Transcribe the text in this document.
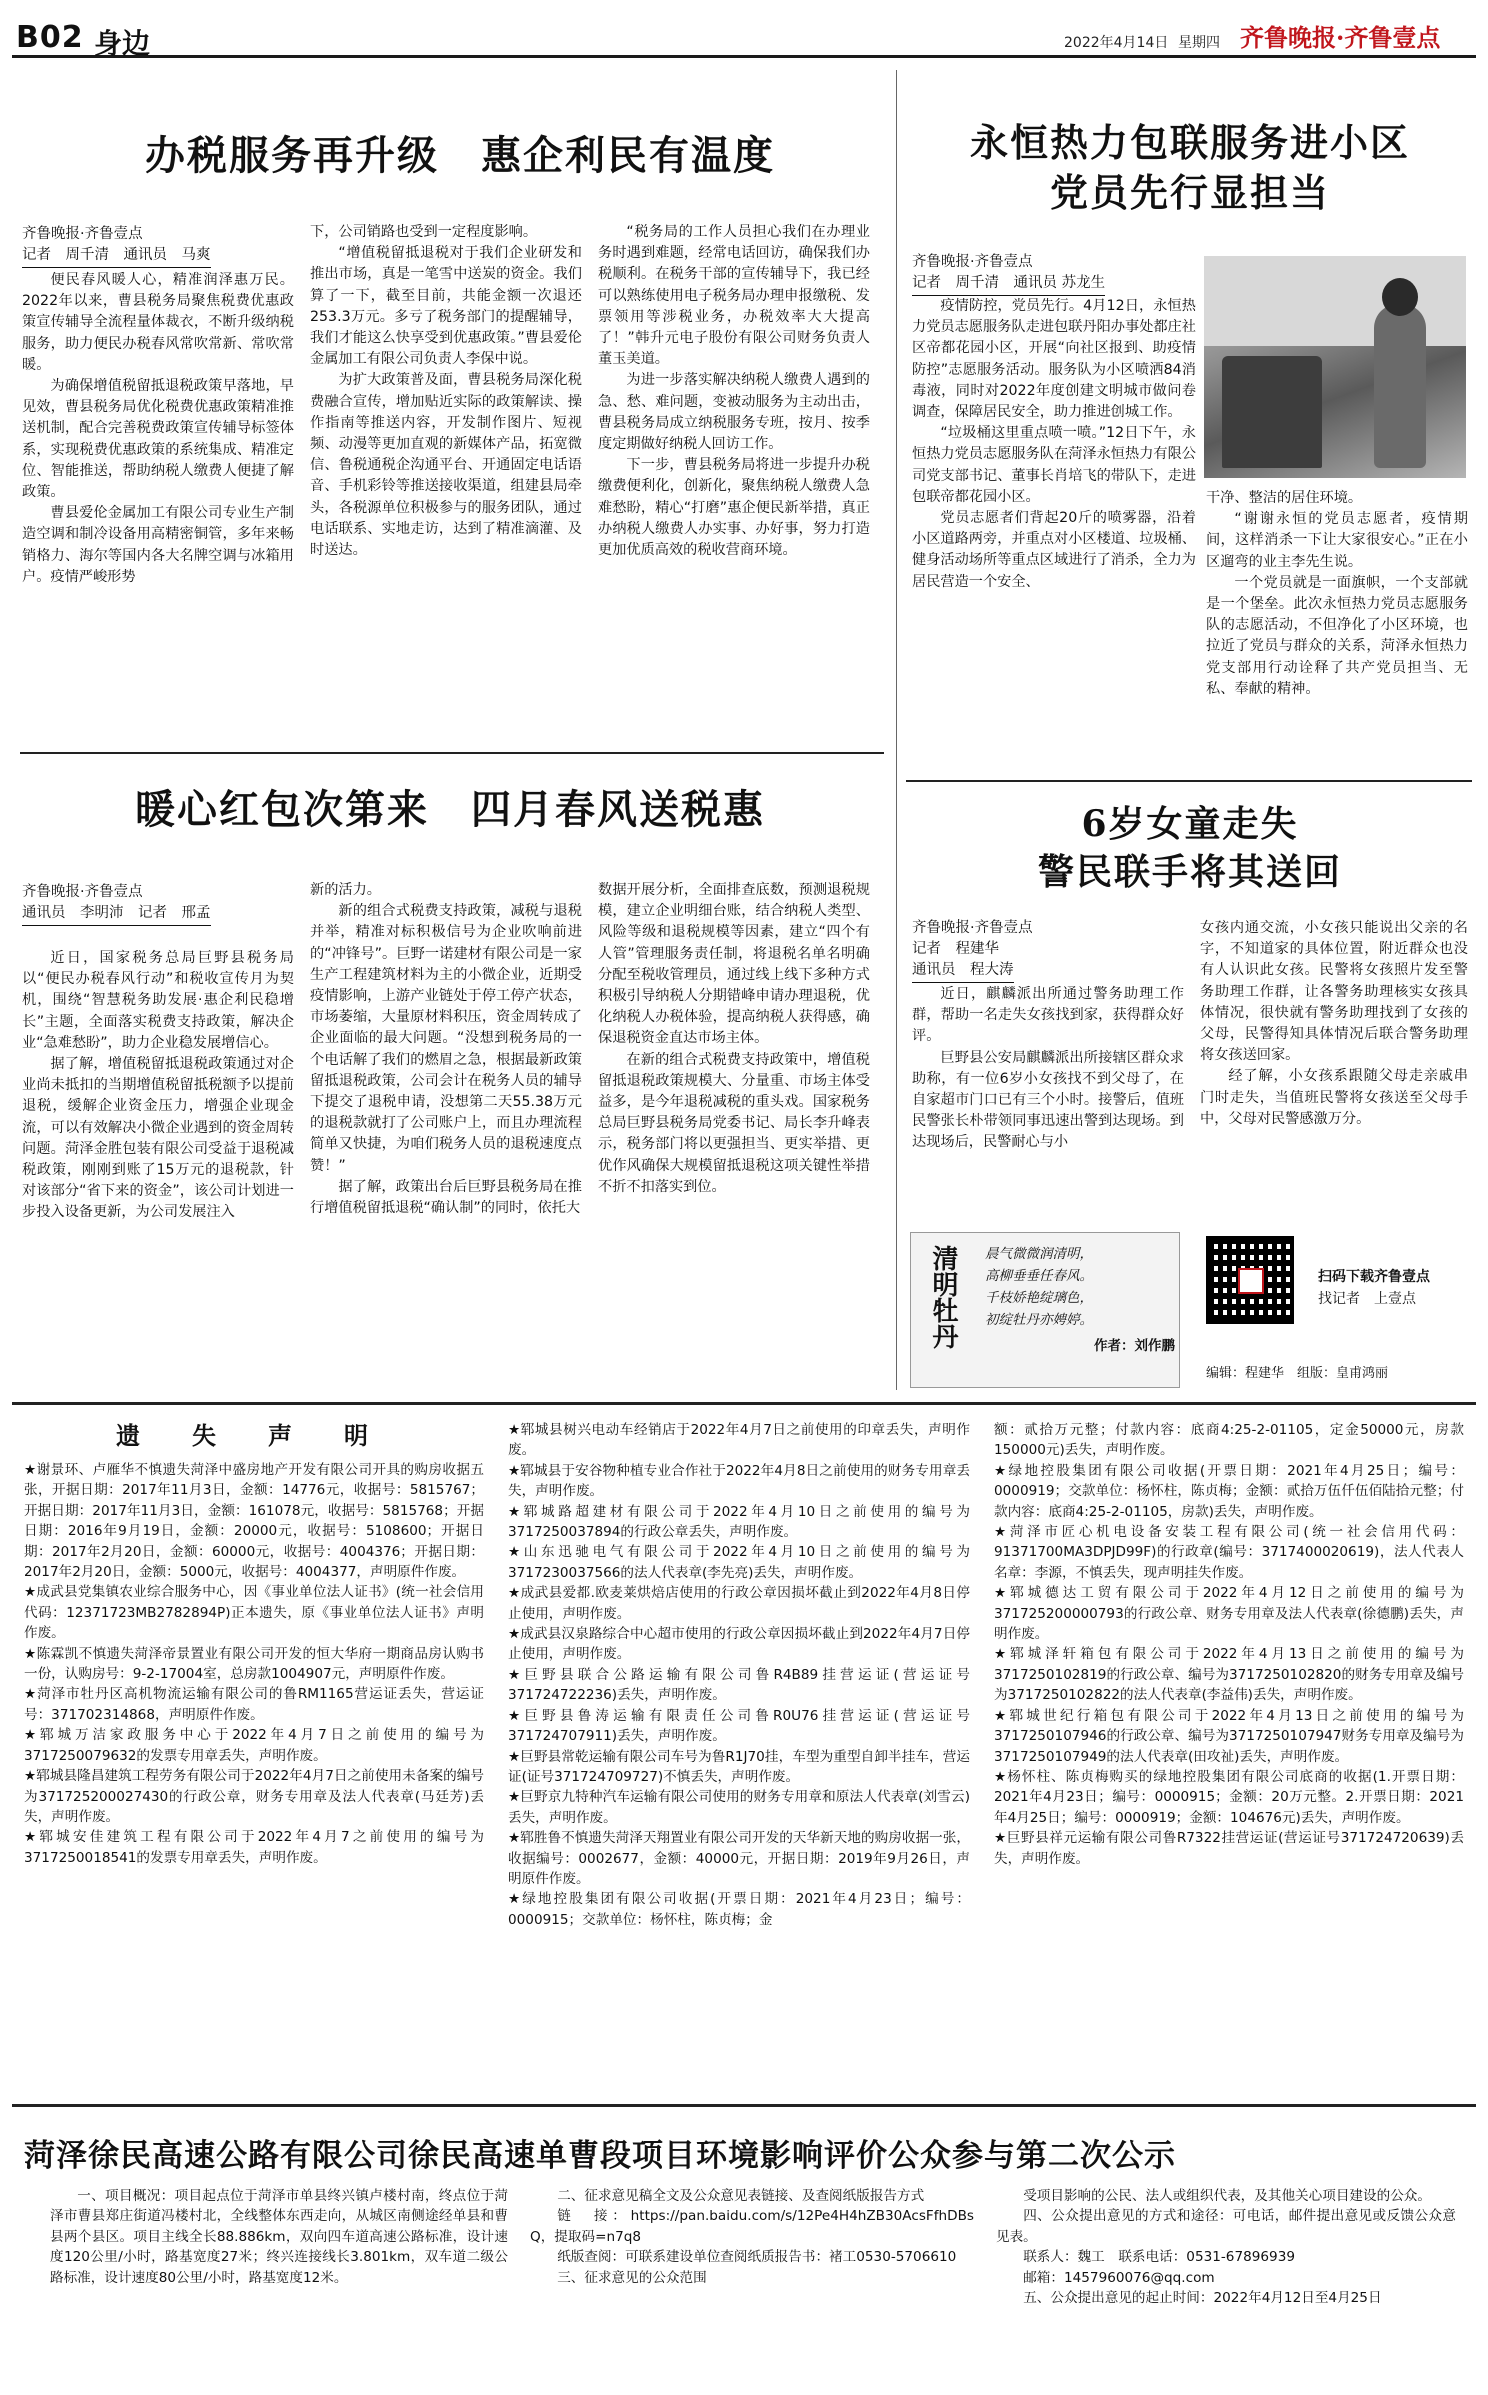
B02 身边	2022年4月14日 星期四 齐鲁晚报·齐鲁壹点
办税服务再升级　惠企利民有温度
齐鲁晚报·齐鲁壹点
记者　周千清　通讯员　马爽

便民春风暖人心，精准润泽惠万民。2022年以来，曹县税务局聚焦税费优惠政策宣传辅导全流程量体裁衣，不断升级纳税服务，助力便民办税春风常吹常新、常吹常暖。

为确保增值税留抵退税政策早落地，早见效，曹县税务局优化税费优惠政策精准推送机制，配合完善税费政策宣传辅导标签体系，实现税费优惠政策的系统集成、精准定位、智能推送，帮助纳税人缴费人便捷了解政策。

曹县爱伦金属加工有限公司专业生产制造空调和制冷设备用高精密铜管，多年来畅销格力、海尔等国内各大名牌空调与冰箱用户。疫情严峻形势

下，公司销路也受到一定程度影响。

“增值税留抵退税对于我们企业研发和推出市场，真是一笔雪中送炭的资金。我们算了一下，截至目前，共能金额一次退还253.3万元。多亏了税务部门的提醒辅导，我们才能这么快享受到优惠政策。”曹县爱伦金属加工有限公司负责人李保中说。

为扩大政策普及面，曹县税务局深化税费融合宣传，增加贴近实际的政策解读、操作指南等推送内容，开发制作图片、短视频、动漫等更加直观的新媒体产品，拓宽微信、鲁税通税企沟通平台、开通固定电话语音、手机彩铃等推送接收渠道，组建县局牵头，各税源单位积极参与的服务团队，通过电话联系、实地走访，达到了精准滴灌、及时送达。

“税务局的工作人员担心我们在办理业务时遇到难题，经常电话回访，确保我们办税顺利。在税务干部的宣传辅导下，我已经可以熟练使用电子税务局办理申报缴税、发票领用等涉税业务，办税效率大大提高了！”韩升元电子股份有限公司财务负责人董玉美道。

为进一步落实解决纳税人缴费人遇到的急、愁、难问题，变被动服务为主动出击，曹县税务局成立纳税服务专班，按月、按季度定期做好纳税人回访工作。

下一步，曹县税务局将进一步提升办税缴费便利化，创新化，聚焦纳税人缴费人急难愁盼，精心“打磨”惠企便民新举措，真正办纳税人缴费人办实事、办好事，努力打造更加优质高效的税收营商环境。

永恒热力包联服务进小区
党员先行显担当
齐鲁晚报·齐鲁壹点
记者　周千清　通讯员 苏龙生

疫情防控，党员先行。4月12日，永恒热力党员志愿服务队走进包联丹阳办事处都庄社区帝都花园小区，开展“向社区报到、助疫情防控”志愿服务活动。服务队为小区喷洒84消毒液，同时对2022年度创建文明城市做问卷调查，保障居民安全，助力推进创城工作。

“垃圾桶这里重点喷一喷。”12日下午，永恒热力党员志愿服务队在菏泽永恒热力有限公司党支部书记、董事长肖培飞的带队下，走进包联帝都花园小区。

党员志愿者们背起20斤的喷雾器，沿着小区道路两旁，并重点对小区楼道、垃圾桶、健身活动场所等重点区域进行了消杀，全力为居民营造一个安全、

干净、整洁的居住环境。

“谢谢永恒的党员志愿者，疫情期间，这样消杀一下让大家很安心。”正在小区遛弯的业主李先生说。

一个党员就是一面旗帜，一个支部就是一个堡垒。此次永恒热力党员志愿服务队的志愿活动，不但净化了小区环境，也拉近了党员与群众的关系，菏泽永恒热力党支部用行动诠释了共产党员担当、无私、奉献的精神。

暖心红包次第来　四月春风送税惠
齐鲁晚报·齐鲁壹点
通讯员　李明沛　记者　邢孟

近日，国家税务总局巨野县税务局以“便民办税春风行动”和税收宣传月为契机，围绕“智慧税务助发展·惠企利民稳增长”主题，全面落实税费支持政策，解决企业“急难愁盼”，助力企业稳发展增信心。

据了解，增值税留抵退税政策通过对企业尚未抵扣的当期增值税留抵税额予以提前退税，缓解企业资金压力，增强企业现金流，可以有效解决小微企业遇到的资金周转问题。菏泽金胜包装有限公司受益于退税减税政策，刚刚到账了15万元的退税款，针对该部分“省下来的资金”，该公司计划进一步投入设备更新，为公司发展注入

新的活力。

新的组合式税费支持政策，减税与退税并举，精准对标积极信号为企业吹响前进的“冲锋号”。巨野一诺建材有限公司是一家生产工程建筑材料为主的小微企业，近期受疫情影响，上游产业链处于停工停产状态，市场萎缩，大量原材料积压，资金周转成了企业面临的最大问题。“没想到税务局的一个电话解了我们的燃眉之急，根据最新政策留抵退税政策，公司会计在税务人员的辅导下提交了退税申请，没想第二天55.38万元的退税款就打了公司账户上，而且办理流程简单又快捷，为咱们税务人员的退税速度点赞！”

据了解，政策出台后巨野县税务局在推行增值税留抵退税“确认制”的同时，依托大

数据开展分析，全面排查底数，预测退税规模，建立企业明细台账，结合纳税人类型、风险等级和退税规模等因素，建立“四个有人管”管理服务责任制，将退税名单名明确分配至税收管理员，通过线上线下多种方式积极引导纳税人分期错峰申请办理退税，优化纳税人办税体验，提高纳税人获得感，确保退税资金直达市场主体。

在新的组合式税费支持政策中，增值税留抵退税政策规模大、分量重、市场主体受益多，是今年退税减税的重头戏。国家税务总局巨野县税务局党委书记、局长李升峰表示，税务部门将以更强担当、更实举措、更优作风确保大规模留抵退税这项关键性举措不折不扣落实到位。

6岁女童走失
警民联手将其送回
齐鲁晚报·齐鲁壹点
记者　程建华
通讯员　程大涛

近日，麒麟派出所通过警务助理工作群，帮助一名走失女孩找到家，获得群众好评。

巨野县公安局麒麟派出所接辖区群众求助称，有一位6岁小女孩找不到父母了，在自家超市门口已有三个小时。接警后，值班民警张长朴带领同事迅速出警到达现场。到达现场后，民警耐心与小

女孩内通交流，小女孩只能说出父亲的名字，不知道家的具体位置，附近群众也没有人认识此女孩。民警将女孩照片发至警务助理工作群，让各警务助理核实女孩具体情况，很快就有警务助理找到了女孩的父母，民警得知具体情况后联合警务助理将女孩送回家。

经了解，小女孩系跟随父母走亲戚串门时走失，当值班民警将女孩送至父母手中，父母对民警感激万分。

清明牡丹 晨气微微润清明，
高柳垂垂任春风。
千枝娇艳绽璃色，
初绽牡丹亦娉婷。
作者：刘作鹏
扫码下载齐鲁壹点
找记者　上壹点
编辑：程建华　组版：皇甫鸿丽
遗　失　声　明

★谢景环、卢雁华不慎遗失菏泽中盛房地产开发有限公司开具的购房收据五张，开据日期：2017年11月3日，金额：14776元，收据号：5815767；开据日期：2017年11月3日，金额：161078元，收据号：5815768；开据日期：2016年9月19日，金额：20000元，收据号：5108600；开据日期：2017年2月20日，金额：60000元，收据号：4004376；开据日期：2017年2月20日，金额：5000元，收据号：4004377，声明原件作废。

★成武县党集镇农业综合服务中心，因《事业单位法人证书》(统一社会信用代码：12371723MB2782894P)正本遗失，原《事业单位法人证书》声明作废。

★陈霖凯不慎遗失菏泽帝景置业有限公司开发的恒大华府一期商品房认购书一份，认购房号：9-2-17004室，总房款1004907元，声明原件作废。

★菏泽市牡丹区高机物流运输有限公司的鲁RM1165营运证丢失，营运证号：371702314868，声明原件作废。

★郓城万洁家政服务中心于2022年4月7日之前使用的编号为3717250079632的发票专用章丢失，声明作废。

★郓城县隆昌建筑工程劳务有限公司于2022年4月7日之前使用未备案的编号为371725200027430的行政公章，财务专用章及法人代表章(马廷芳)丢失，声明作废。

★郓城安佳建筑工程有限公司于2022年4月7之前使用的编号为3717250018541的发票专用章丢失，声明作废。

★郓城县树兴电动车经销店于2022年4月7日之前使用的印章丢失，声明作废。

★郓城县于安谷物种植专业合作社于2022年4月8日之前使用的财务专用章丢失，声明作废。

★郓城路超建材有限公司于2022年4月10日之前使用的编号为3717250037894的行政公章丢失，声明作废。

★山东迅驰电气有限公司于2022年4月10日之前使用的编号为3717230037566的法人代表章(李先亮)丢失，声明作废。

★成武县爱都.欧麦莱烘焙店使用的行政公章因损坏截止到2022年4月8日停止使用，声明作废。

★成武县汉泉路综合中心超市使用的行政公章因损坏截止到2022年4月7日停止使用，声明作废。

★巨野县联合公路运输有限公司鲁R4B89挂营运证(营运证号371724722236)丢失，声明作废。

★巨野县鲁涛运输有限责任公司鲁R0U76挂营运证(营运证号371724707911)丢失，声明作废。

★巨野县常乾运输有限公司车号为鲁R1J70挂，车型为重型自卸半挂车，营运证(证号371724709727)不慎丢失，声明作废。

★巨野京九特种汽车运输有限公司使用的财务专用章和原法人代表章(刘雪云)丢失，声明作废。

★郓胜鲁不慎遗失菏泽天翔置业有限公司开发的天华新天地的购房收据一张，收据编号：0002677，金额：40000元，开据日期：2019年9月26日，声明原件作废。

★绿地控股集团有限公司收据(开票日期：2021年4月23日；编号：0000915；交款单位：杨怀柱，陈贞梅；金

额：贰拾万元整；付款内容：底商4:25-2-01105，定金50000元，房款150000元)丢失，声明作废。

★绿地控股集团有限公司收据(开票日期：2021年4月25日；编号：0000919；交款单位：杨怀柱，陈贞梅；金额：贰拾万伍仟伍佰陆拾元整；付款内容：底商4:25-2-01105，房款)丢失，声明作废。

★菏泽市匠心机电设备安装工程有限公司(统一社会信用代码：91371700MA3DPJD99F)的行政章(编号：3717400020619)，法人代表人名章：李源，不慎丢失，现声明挂失作废。

★郓城德达工贸有限公司于2022年4月12日之前使用的编号为371725200000793的行政公章、财务专用章及法人代表章(徐德鹏)丢失，声明作废。

★郓城泽轩箱包有限公司于2022年4月13日之前使用的编号为3717250102819的行政公章、编号为3717250102820的财务专用章及编号为3717250102822的法人代表章(李益伟)丢失，声明作废。

★郓城世纪行箱包有限公司于2022年4月13日之前使用的编号为3717250107946的行政公章、编号为3717250107947财务专用章及编号为3717250107949的法人代表章(田攻祉)丢失，声明作废。

★杨怀柱、陈贞梅购买的绿地控股集团有限公司底商的收据(1.开票日期：2021年4月23日；编号：0000915；金额：20万元整。2.开票日期：2021年4月25日；编号：0000919；金额：104676元)丢失，声明作废。

★巨野县祥元运输有限公司鲁R7322挂营运证(营运证号371724720639)丢失，声明作废。

菏泽徐民高速公路有限公司徐民高速单曹段项目环境影响评价公众参与第二次公示

一、项目概况：项目起点位于菏泽市单县终兴镇卢楼村南，终点位于菏泽市曹县郑庄街道冯楼村北，全线整体东西走向，从城区南侧途经单县和曹县两个县区。项目主线全长88.886km，双向四车道高速公路标准，设计速度120公里/小时，路基宽度27米；终兴连接线长3.801km，双车道二级公路标准，设计速度80公里/小时，路基宽度12米。

二、征求意见稿全文及公众意见表链接、及查阅纸版报告方式

链　接：https://pan.baidu.com/s/12Pe4H4hZB30AcsFfhDBsQ，提取码=n7q8

纸版查阅：可联系建设单位查阅纸质报告书：褚工0530-5706610

三、征求意见的公众范围

受项目影响的公民、法人或组织代表，及其他关心项目建设的公众。

四、公众提出意见的方式和途径：可电话，邮件提出意见或反馈公众意见表。

联系人：魏工　联系电话：0531-67896939

邮箱：1457960076@qq.com

五、公众提出意见的起止时间：2022年4月12日至4月25日
